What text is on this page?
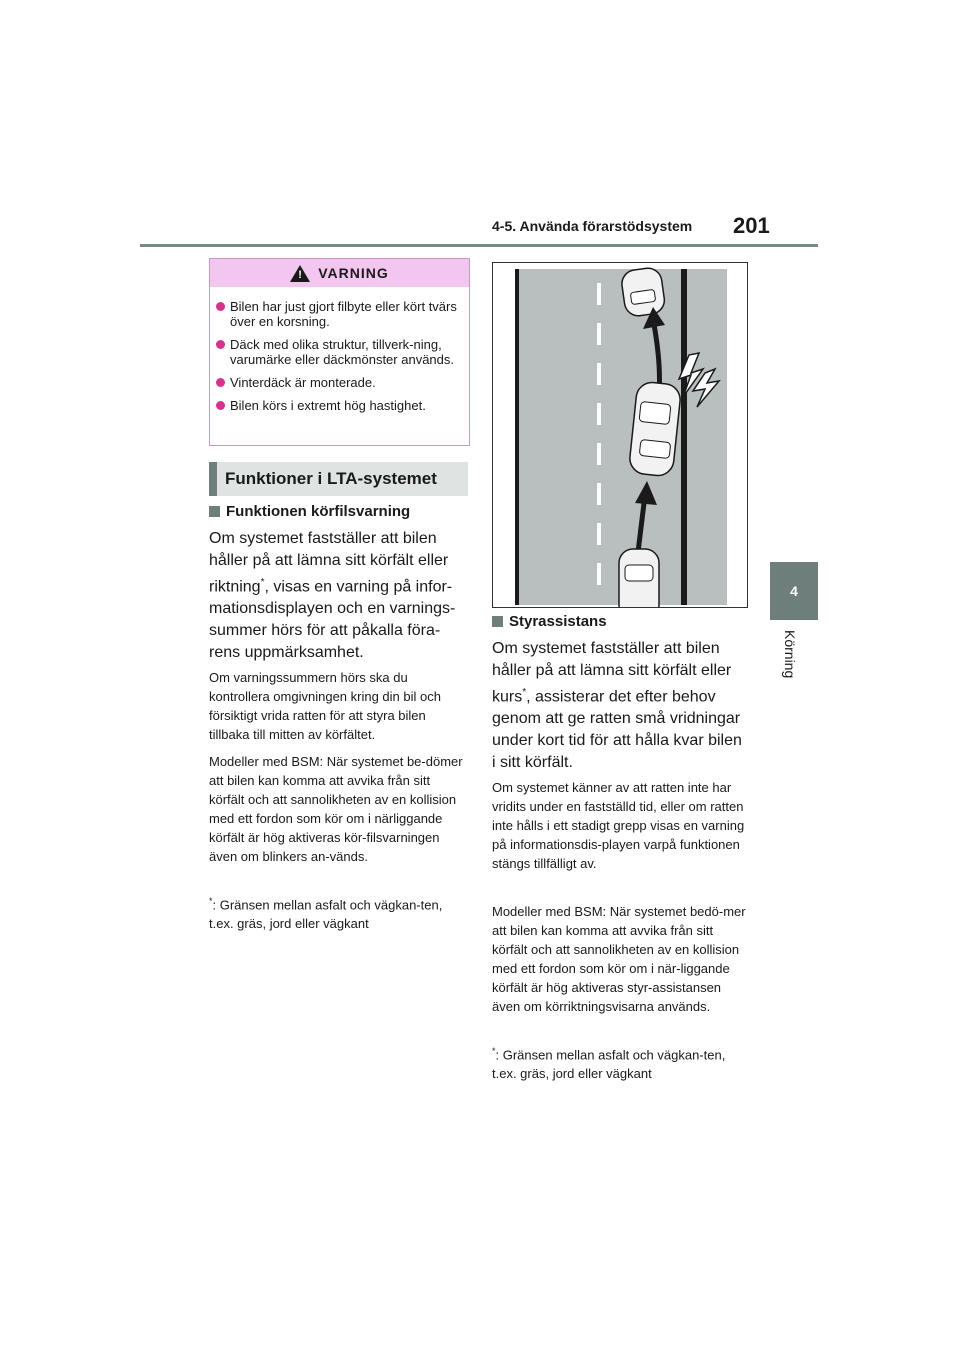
4-5. Använda förarstödsystem 201
4
Körning
! VARNING
Bilen har just gjort filbyte eller kört tvärs över en korsning.
Däck med olika struktur, tillverk-ning, varumärke eller däckmönster används.
Vinterdäck är monterade.
Bilen körs i extremt hög hastighet.
Funktioner i LTA-systemet
Funktionen körfilsvarning
Om systemet fastställer att bilen håller på att lämna sitt körfält eller riktning*, visas en varning på infor-mationsdisplayen och en varnings-summer hörs för att påkalla föra-rens uppmärksamhet.
Om varningssummern hörs ska du kontrollera omgivningen kring din bil och försiktigt vrida ratten för att styra bilen tillbaka till mitten av körfältet.
Modeller med BSM: När systemet be-dömer att bilen kan komma att avvika från sitt körfält och att sannolikheten av en kollision med ett fordon som kör om i närliggande körfält är hög aktiveras kör-filsvarningen även om blinkers an-vänds.
*: Gränsen mellan asfalt och vägkan-ten, t.ex. gräs, jord eller vägkant
Styrassistans
Om systemet fastställer att bilen håller på att lämna sitt körfält eller kurs*, assisterar det efter behov genom att ge ratten små vridningar under kort tid för att hålla kvar bilen i sitt körfält.
Om systemet känner av att ratten inte har vridits under en fastställd tid, eller om ratten inte hålls i ett stadigt grepp visas en varning på informationsdis-playen varpå funktionen stängs tillfälligt av.
Modeller med BSM: När systemet bedö-mer att bilen kan komma att avvika från sitt körfält och att sannolikheten av en kollision med ett fordon som kör om i när-liggande körfält är hög aktiveras styr-assistansen även om körriktningsvisarna används.
*: Gränsen mellan asfalt och vägkan-ten, t.ex. gräs, jord eller vägkant
